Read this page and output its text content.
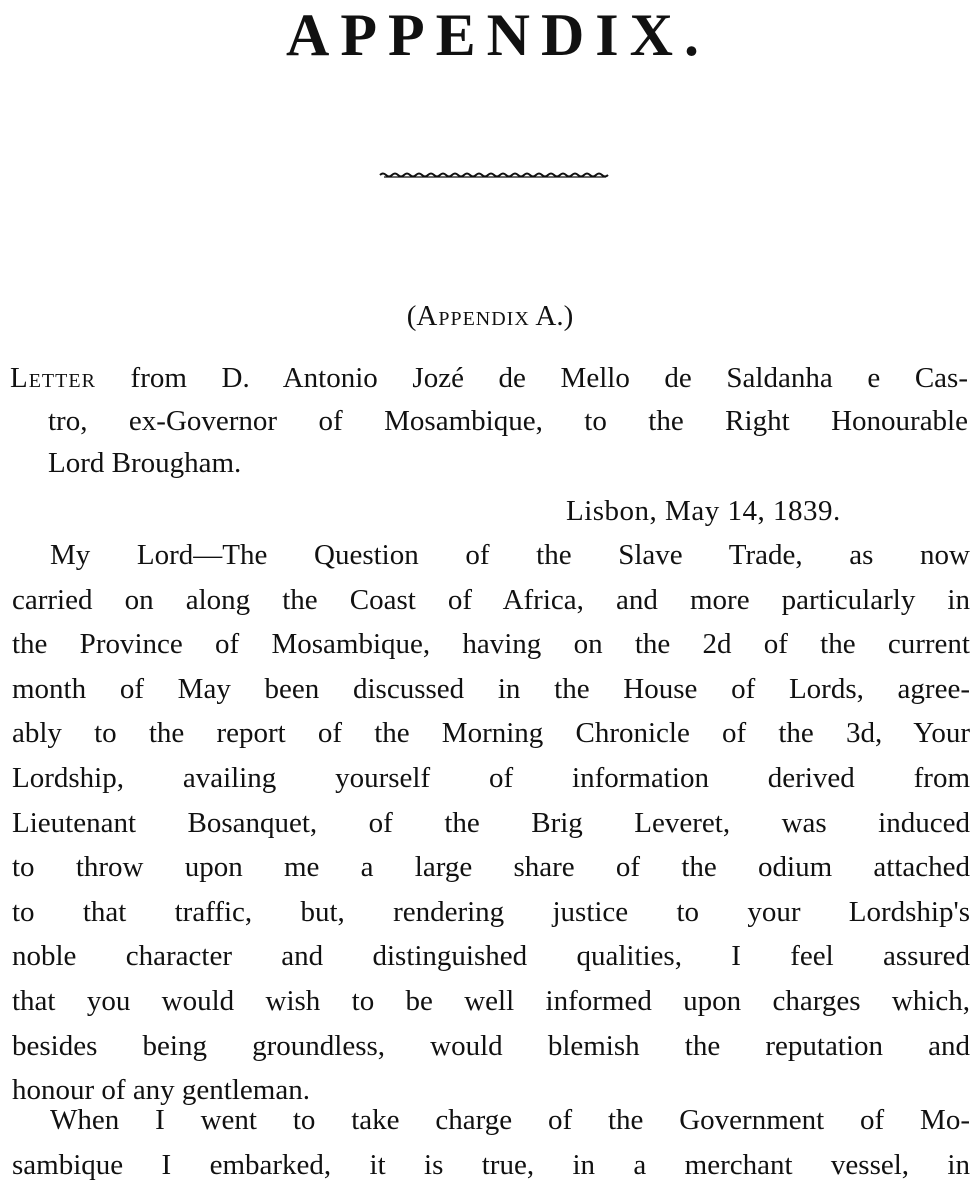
APPENDIX.
(Appendix A.)
Letter from D. Antonio Jozé de Mello de Saldanha e Cas-
tro, ex-Governor of Mosambique, to the Right Honourable
Lord Brougham.
Lisbon, May 14, 1839.
My Lord—The Question of the Slave Trade, as now
carried on along the Coast of Africa, and more particularly in
the Province of Mosambique, having on the 2d of the current
month of May been discussed in the House of Lords, agree-
ably to the report of the Morning Chronicle of the 3d, Your
Lordship, availing yourself of information derived from
Lieutenant Bosanquet, of the Brig Leveret, was induced
to throw upon me a large share of the odium attached
to that traffic, but, rendering justice to your Lordship's
noble character and distinguished qualities, I feel assured
that you would wish to be well informed upon charges which,
besides being groundless, would blemish the reputation and
honour of any gentleman.
When I went to take charge of the Government of Mo-
sambique I embarked, it is true, in a merchant vessel, in
